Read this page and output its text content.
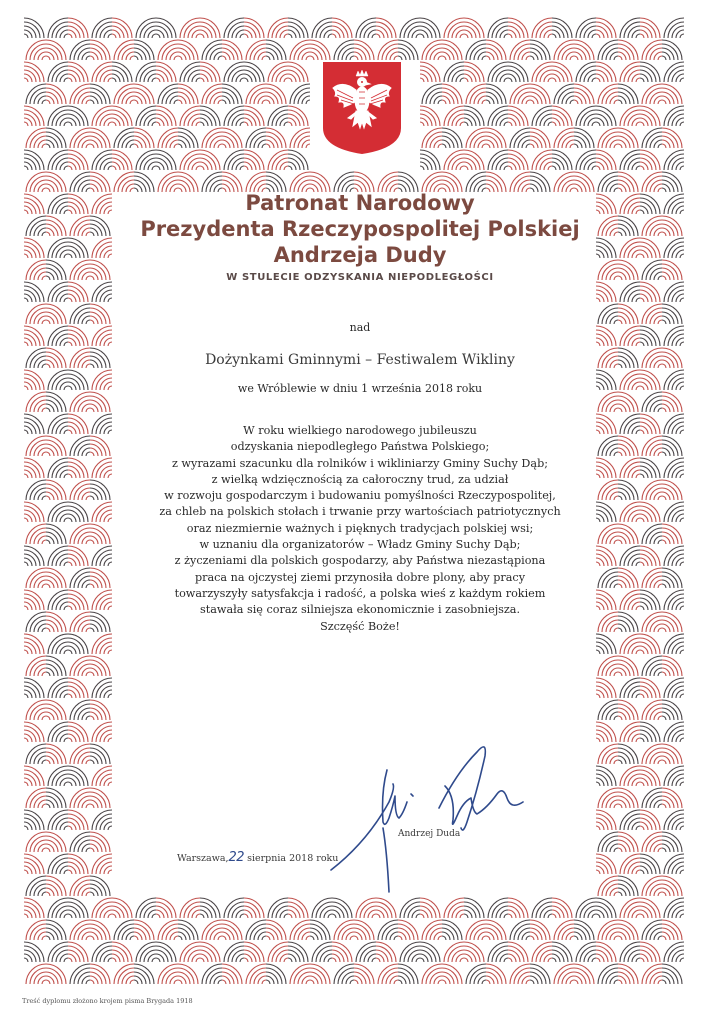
Patronat Narodowy
Prezydenta Rzeczypospolitej Polskiej
Andrzeja Dudy
W STULECIE ODZYSKANIA NIEPODLEGŁOŚCI
nad
Dożynkami Gminnymi – Festiwalem Wikliny
we Wróblewie w dniu 1 września 2018 roku
W roku wielkiego narodowego jubileuszu
odzyskania niepodległego Państwa Polskiego;
z wyrazami szacunku dla rolników i wikliniarzy Gminy Suchy Dąb;
z wielką wdzięcznością za całoroczny trud, za udział
w rozwoju gospodarczym i budowaniu pomyślności Rzeczypospolitej,
za chleb na polskich stołach i trwanie przy wartościach patriotycznych
oraz niezmiernie ważnych i pięknych tradycjach polskiej wsi;
w uznaniu dla organizatorów – Władz Gminy Suchy Dąb;
z życzeniami dla polskich gospodarzy, aby Państwa niezastąpiona
praca na ojczystej ziemi przynosiła dobre plony, aby pracy
towarzyszyły satysfakcja i radość, a polska wieś z każdym rokiem
stawała się coraz silniejsza ekonomicznie i zasobniejsza.
Szczęść Boże!
Andrzej Duda
Warszawa,22 sierpnia 2018 roku
Treść dyplomu złożono krojem pisma Brygada 1918
